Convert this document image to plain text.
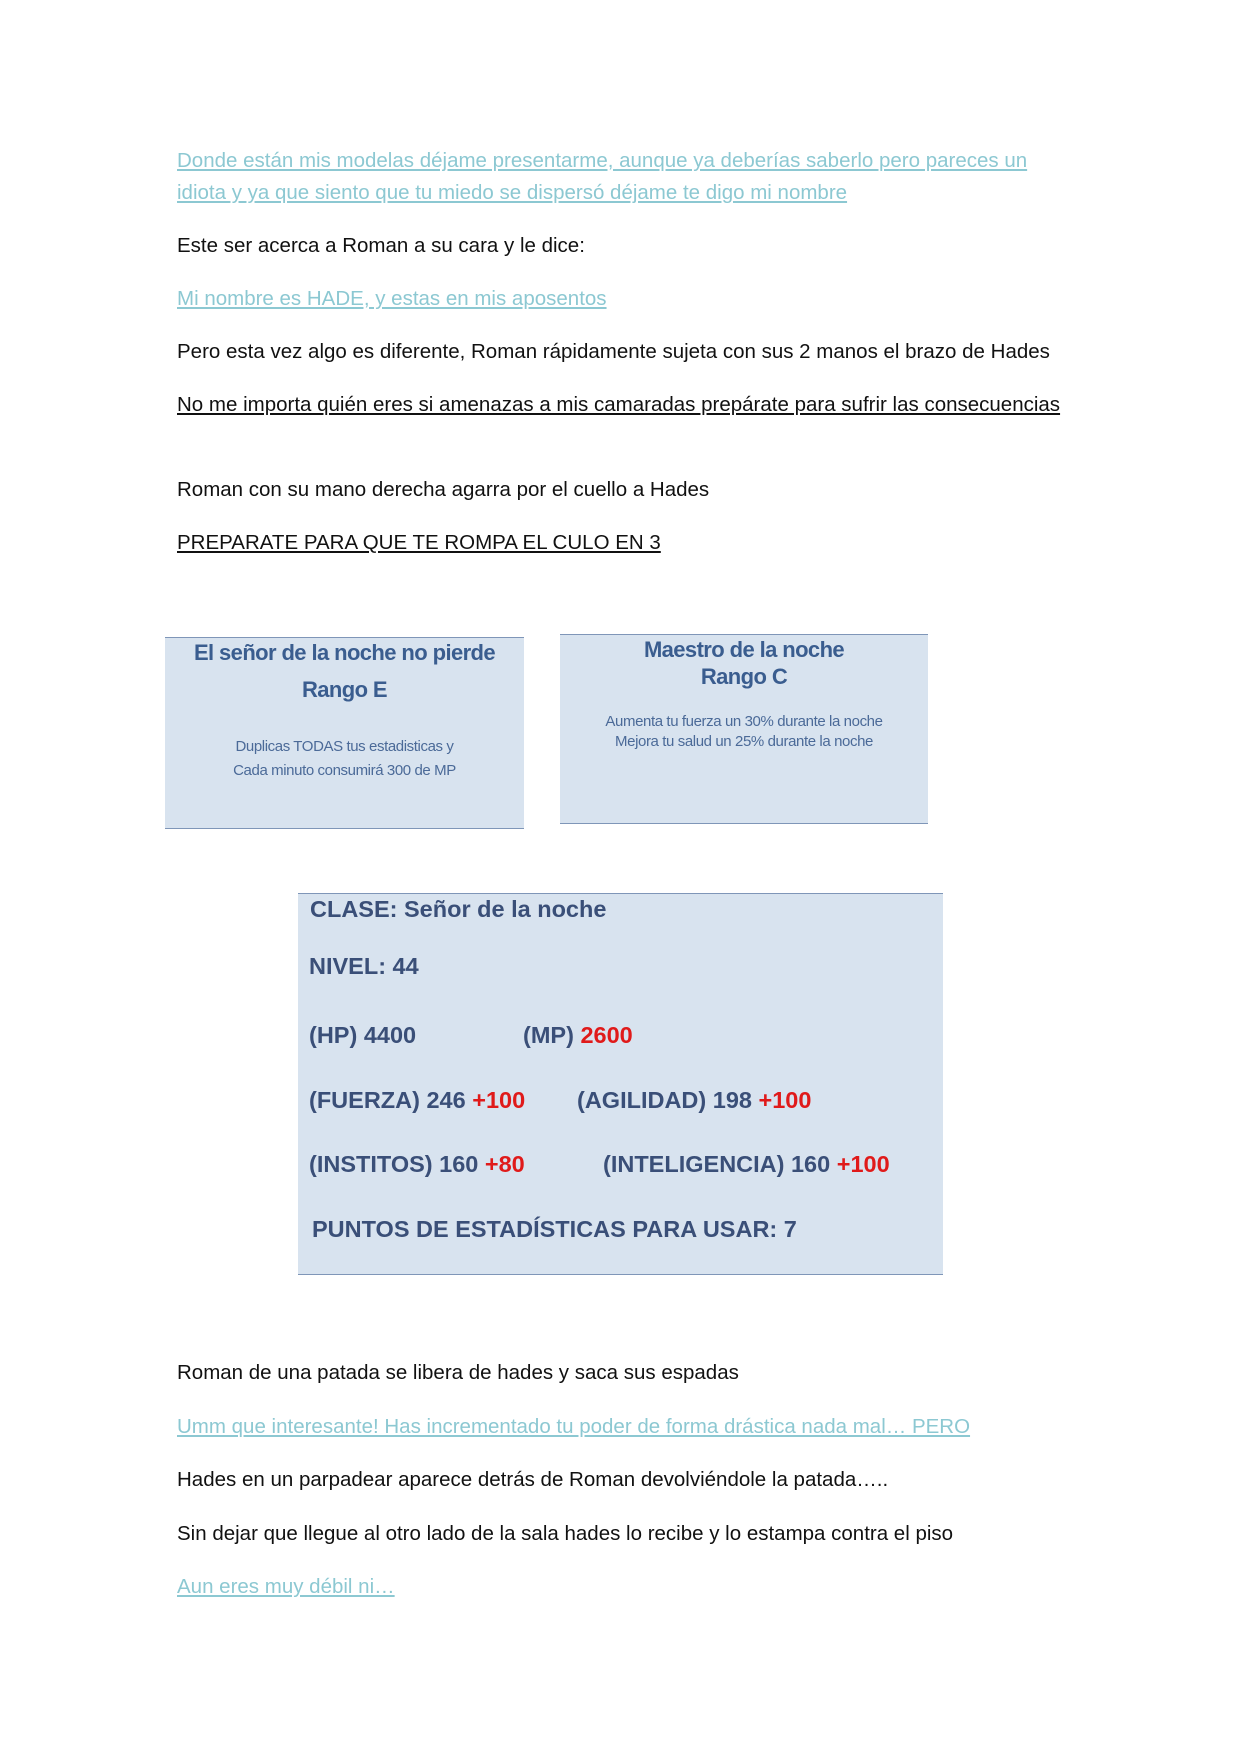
Donde están mis modelas déjame presentarme, aunque ya deberías saberlo pero pareces un idiota y ya que siento que tu miedo se dispersó déjame te digo mi nombre

Este ser acerca a Roman a su cara y le dice:

Mi nombre es HADE, y estas en mis aposentos

Pero esta vez algo es diferente, Roman rápidamente sujeta con sus 2 manos el brazo de Hades

No me importa quién eres si amenazas a mis camaradas prepárate para sufrir las consecuencias

Roman con su mano derecha agarra por el cuello a Hades

PREPARATE PARA QUE TE ROMPA EL CULO EN 3

El señor de la noche no pierde
Rango E
Duplicas TODAS tus estadisticas y
Cada minuto consumirá 300 de MP
Maestro de la noche
Rango C
Aumenta tu fuerza un 30% durante la noche
Mejora tu salud un 25% durante la noche
CLASE: Señor de la noche
NIVEL: 44
(HP) 4400	(MP) 2600
(FUERZA) 246 +100 (AGILIDAD) 198 +100
(INSTITOS) 160 +80	(INTELIGENCIA) 160 +100
PUNTOS DE ESTADÍSTICAS PARA USAR: 7

Roman de una patada se libera de hades y saca sus espadas

Umm que interesante! Has incrementado tu poder de forma drástica nada mal… PERO

Hades en un parpadear aparece detrás de Roman devolviéndole la patada…..

Sin dejar que llegue al otro lado de la sala hades lo recibe y lo estampa contra el piso

Aun eres muy débil ni…
